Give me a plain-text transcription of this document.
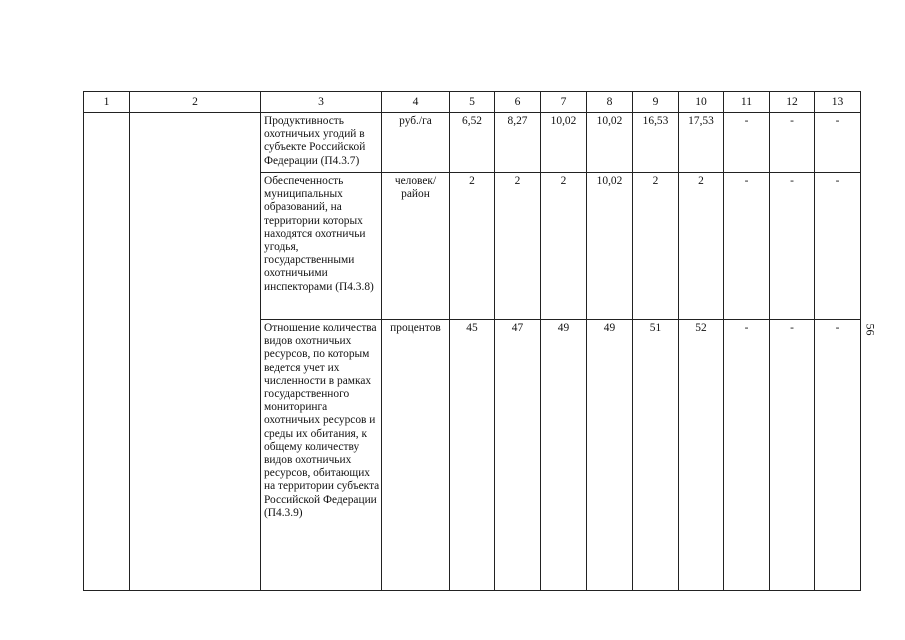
1	2	3	4	5	6	7	8	9	10	11	12	13
		Продуктивность охотничьих угодий в субъекте Российской Федерации (П4.3.7)	руб./га	6,52	8,27	10,02	10,02	16,53	17,53	-	-	-
		Обеспеченность муниципальных образований, на территории которых находятся охотничьи угодья, государственными охотничьими инспекторами (П4.3.8)	человек/ район	2	2	2	10,02	2	2	-	-	-
		Отношение количества видов охотничьих ресурсов, по которым ведется учет их численности в рамках государственного мониторинга охотничьих ресурсов и среды их обитания, к общему количеству видов охотничьих ресурсов, обитающих на территории субъекта Российской Федерации (П4.3.9)	процентов	45	47	49	49	51	52	-	-	- 56
